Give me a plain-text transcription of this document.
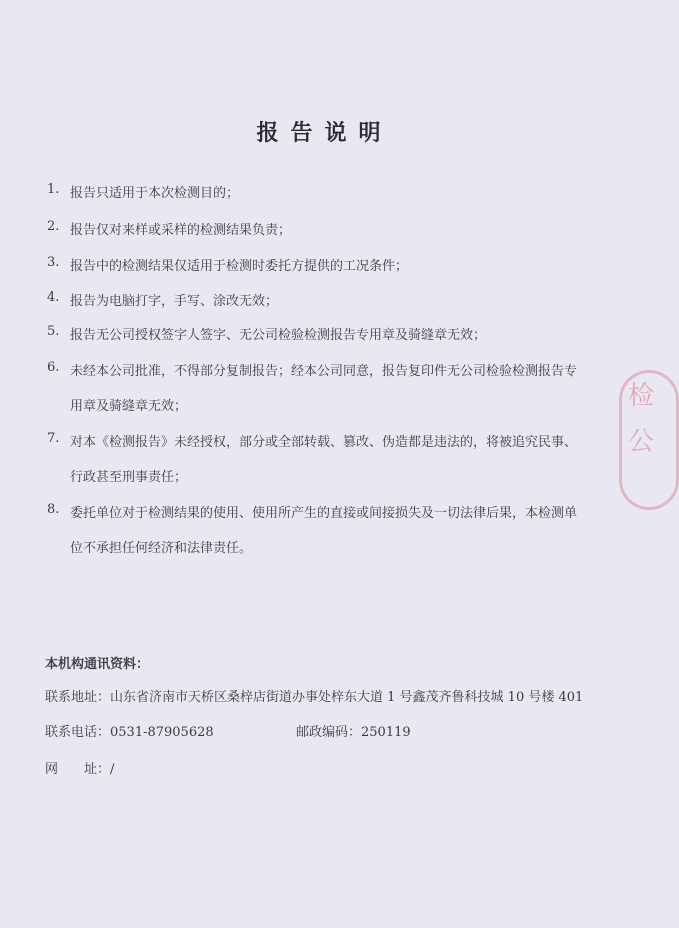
报告说明
1. 报告只适用于本次检测目的；
2. 报告仅对来样或采样的检测结果负责；
3. 报告中的检测结果仅适用于检测时委托方提供的工况条件；
4. 报告为电脑打字，手写、涂改无效；
5. 报告无公司授权签字人签字、无公司检验检测报告专用章及骑缝章无效；
6. 未经本公司批准，不得部分复制报告；经本公司同意，报告复印件无公司检验检测报告专
用章及骑缝章无效；
7. 对本《检测报告》未经授权，部分或全部转载、篡改、伪造都是违法的，将被追究民事、
行政甚至刑事责任；
8. 委托单位对于检测结果的使用、使用所产生的直接或间接损失及一切法律后果，本检测单
位不承担任何经济和法律责任。
本机构通讯资料：
联系地址：山东省济南市天桥区桑梓店街道办事处梓东大道 1 号鑫茂齐鲁科技城 10 号楼 401
联系电话：0531-87905628	邮政编码：250119
网　　址：/
检
公
